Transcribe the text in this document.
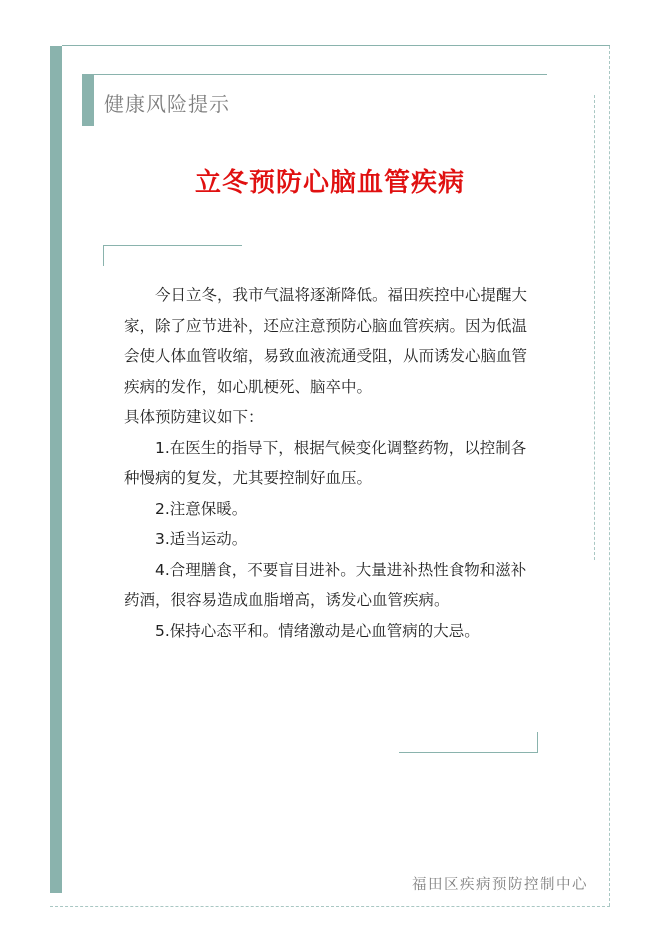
健康风险提示
立冬预防心脑血管疾病

今日立冬，我市气温将逐渐降低。福田疾控中心提醒大家，除了应节进补，还应注意预防心脑血管疾病。因为低温会使人体血管收缩，易致血液流通受阻，从而诱发心脑血管疾病的发作，如心肌梗死、脑卒中。

具体预防建议如下：

1.在医生的指导下，根据气候变化调整药物，以控制各种慢病的复发，尤其要控制好血压。

2.注意保暖。

3.适当运动。

4.合理膳食，不要盲目进补。大量进补热性食物和滋补药酒，很容易造成血脂增高，诱发心血管疾病。

5.保持心态平和。情绪激动是心血管病的大忌。

福田区疾病预防控制中心
